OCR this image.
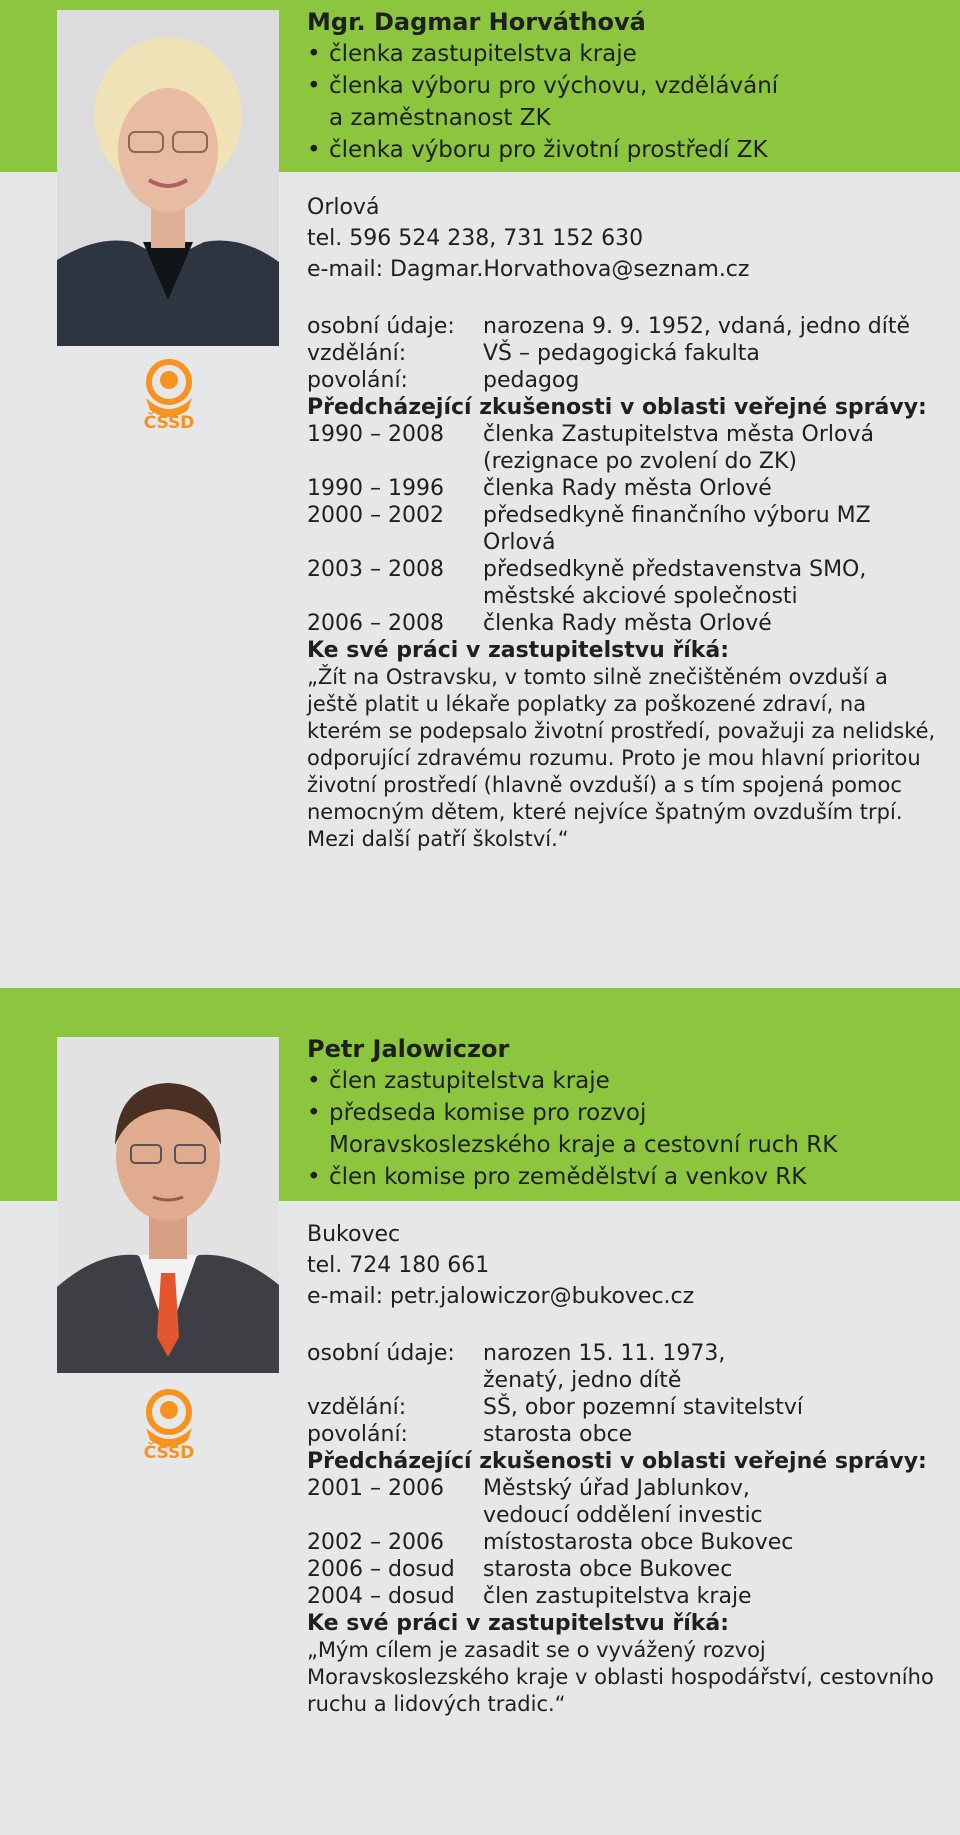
ČSSD

Mgr. Dagmar Horváthová

• členka zastupitelstva kraje
• členka výboru pro výchovu, vzdělávání
a zaměstnanost ZK
• členka výboru pro životní prostředí ZK

Orlová

tel. 596 524 238, 731 152 630

e-mail: Dagmar.Horvathova@seznam.cz

osobní údaje:	narozena 9. 9. 1952, vdaná, jedno dítě
vzdělání:	VŠ – pedagogická fakulta
povolání:	pedagog

Předcházející zkušenosti v oblasti veřejné správy:

1990 – 2008	členka Zastupitelstva města Orlová (rezignace po zvolení do ZK)
1990 – 1996	členka Rady města Orlové
2000 – 2002	předsedkyně finančního výboru MZ Orlová
2003 – 2008	předsedkyně představenstva SMO, městské akciové společnosti
2006 – 2008	členka Rady města Orlové

Ke své práci v zastupitelstvu říká:

„Žít na Ostravsku, v tomto silně znečištěném ovzduší a ještě platit u lékaře poplatky za poškozené zdraví, na kterém se podepsalo životní prostředí, považuji za nelidské, odporující zdravému rozumu. Proto je mou hlavní prioritou životní prostředí (hlavně ovzduší) a s tím spojená pomoc nemocným dětem, které nejvíce špatným ovzduším trpí. Mezi další patří školství.“

ČSSD

Petr Jalowiczor

• člen zastupitelstva kraje
• předseda komise pro rozvoj
Moravskoslezského kraje a cestovní ruch RK
• člen komise pro zemědělství a venkov RK

Bukovec

tel. 724 180 661

e-mail: petr.jalowiczor@bukovec.cz

osobní údaje:	narozen 15. 11. 1973,
ženatý, jedno dítě
vzdělání:	SŠ, obor pozemní stavitelství
povolání:	starosta obce

Předcházející zkušenosti v oblasti veřejné správy:

2001 – 2006	Městský úřad Jablunkov,
vedoucí oddělení investic
2002 – 2006	místostarosta obce Bukovec
2006 – dosud	starosta obce Bukovec
2004 – dosud	člen zastupitelstva kraje

Ke své práci v zastupitelstvu říká:

„Mým cílem je zasadit se o vyvážený rozvoj Moravskoslezského kraje v oblasti hospodářství, cestovního ruchu a lidových tradic.“
